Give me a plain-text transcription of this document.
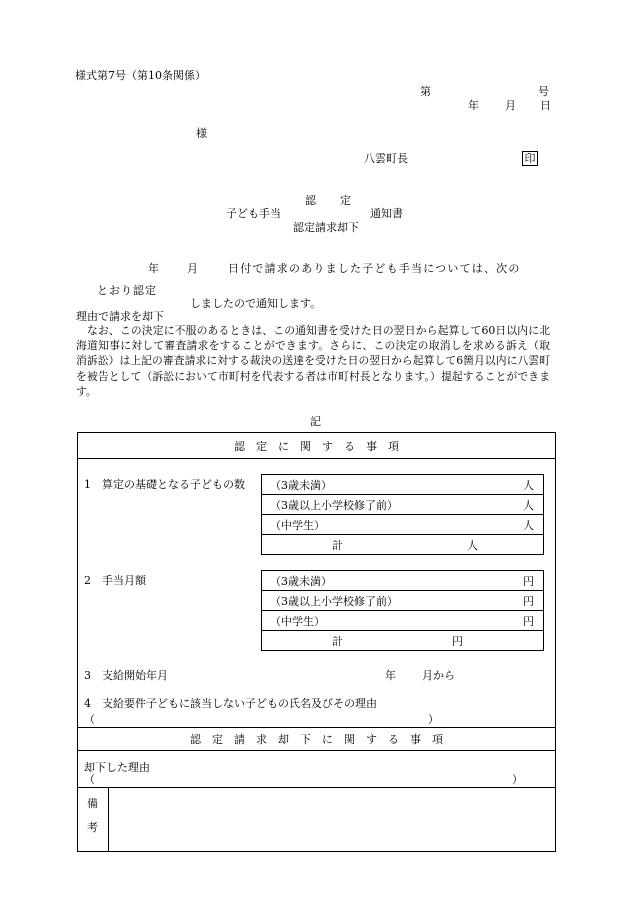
様式第7号（第10条関係）
第	号
年 月 日
様
八雲町長	印
認定
子ども手当	通知書
認定請求却下
年	月	日付で請求のありました子ども手当については、次の
とおり認定
しましたので通知します。
理由で請求を却下
なお、この決定に不服のあるときは、この通知書を受けた日の翌日から起算して60日以内に北海道知事に対して審査請求をすることができます。さらに、この決定の取消しを求める訴え（取消訴訟）は上記の審査請求に対する裁決の送達を受けた日の翌日から起算して6箇月以内に八雲町を被告として（訴訟において市町村を代表する者は市町村長となります。）提起することができます。
記
認　定　に　関　す　る　事　項
1　算定の基礎となる子どもの数 （3歳未満）	人
（3歳以上小学校修了前）	人
（中学生）	人
計	人
2　手当月額	（3歳未満）	円
（3歳以上小学校修了前）	円
（中学生）	円
計	円
3　支給開始年月	年 月から
4　支給要件子どもに該当しない子どもの氏名及びその理由
（	）
認　定　請　求　却　下　に　関　す　る　事　項
却下した理由
（	）
備
考
